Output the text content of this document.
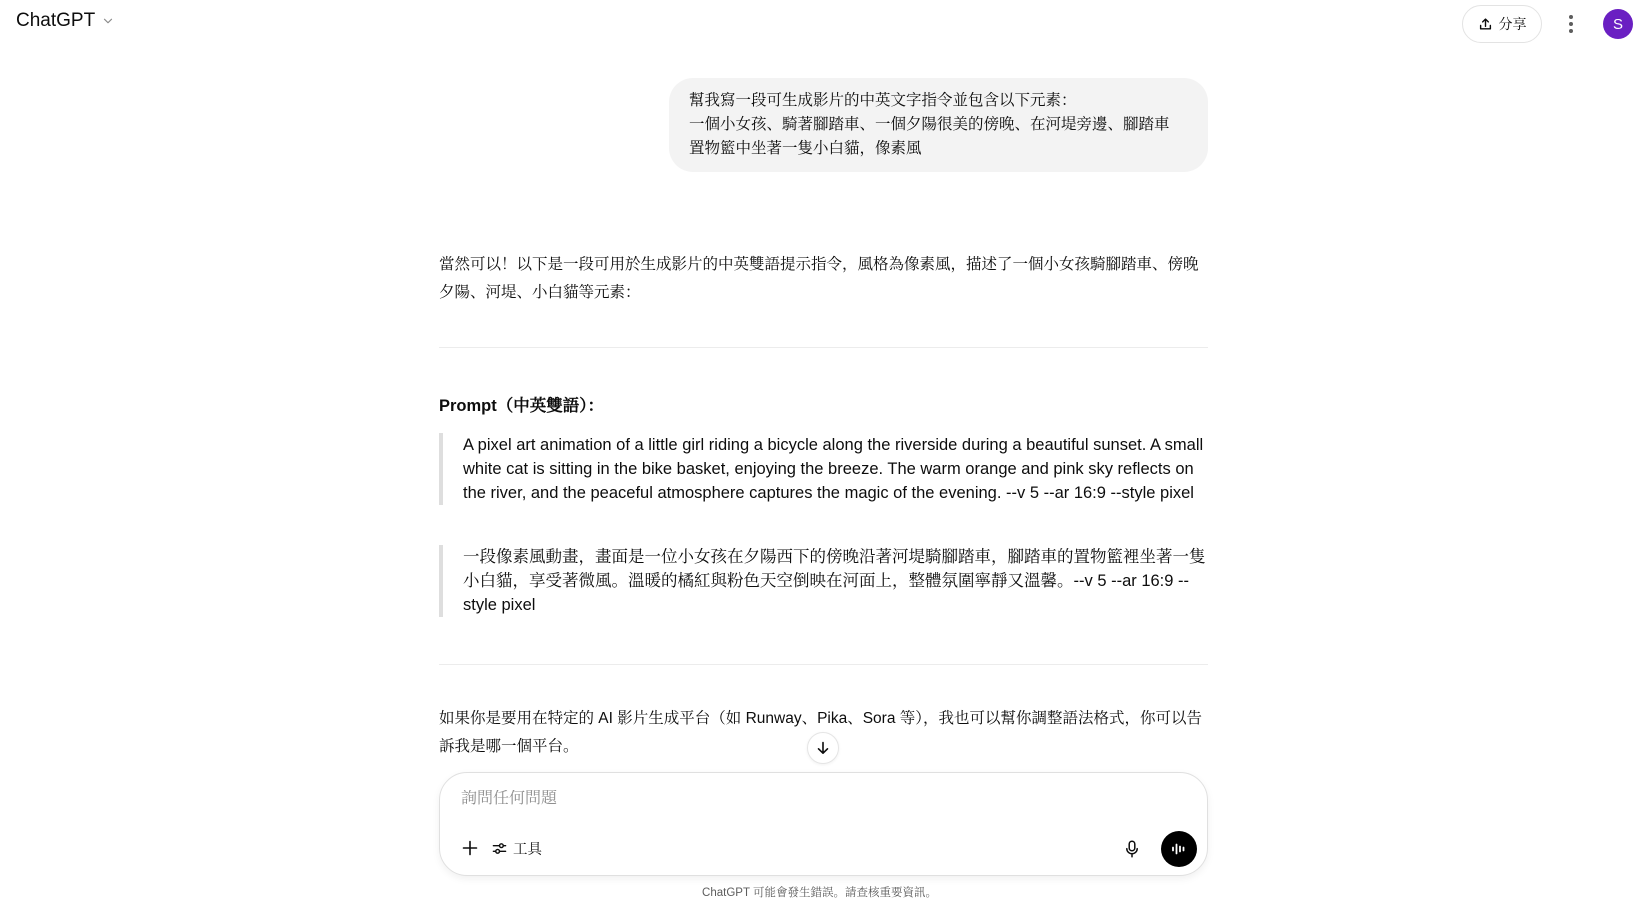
ChatGPT	分享	S
幫我寫一段可生成影片的中英文字指令並包含以下元素：
一個小女孩、騎著腳踏車、一個夕陽很美的傍晚、在河堤旁邊、腳踏車
置物籃中坐著一隻小白貓，像素風
當然可以！以下是一段可用於生成影片的中英雙語提示指令，風格為像素風，描述了一個小女孩騎腳踏車、傍晚夕陽、河堤、小白貓等元素：
Prompt（中英雙語）：
A pixel art animation of a little girl riding a bicycle along the riverside during a beautiful sunset. A small white cat is sitting in the bike basket, enjoying the breeze. The warm orange and pink sky reflects on the river, and the peaceful atmosphere captures the magic of the evening. --v 5 --ar 16:9 --style pixel
一段像素風動畫，畫面是一位小女孩在夕陽西下的傍晚沿著河堤騎腳踏車，腳踏車的置物籃裡坐著一隻小白貓，享受著微風。溫暖的橘紅與粉色天空倒映在河面上，整體氛圍寧靜又溫馨。--v 5 --ar 16:9 --style pixel
如果你是要用在特定的 AI 影片生成平台（如 Runway、Pika、Sora 等），我也可以幫你調整語法格式，你可以告訴我是哪一個平台。
詢問任何問題
工具
ChatGPT 可能會發生錯誤。請查核重要資訊。
